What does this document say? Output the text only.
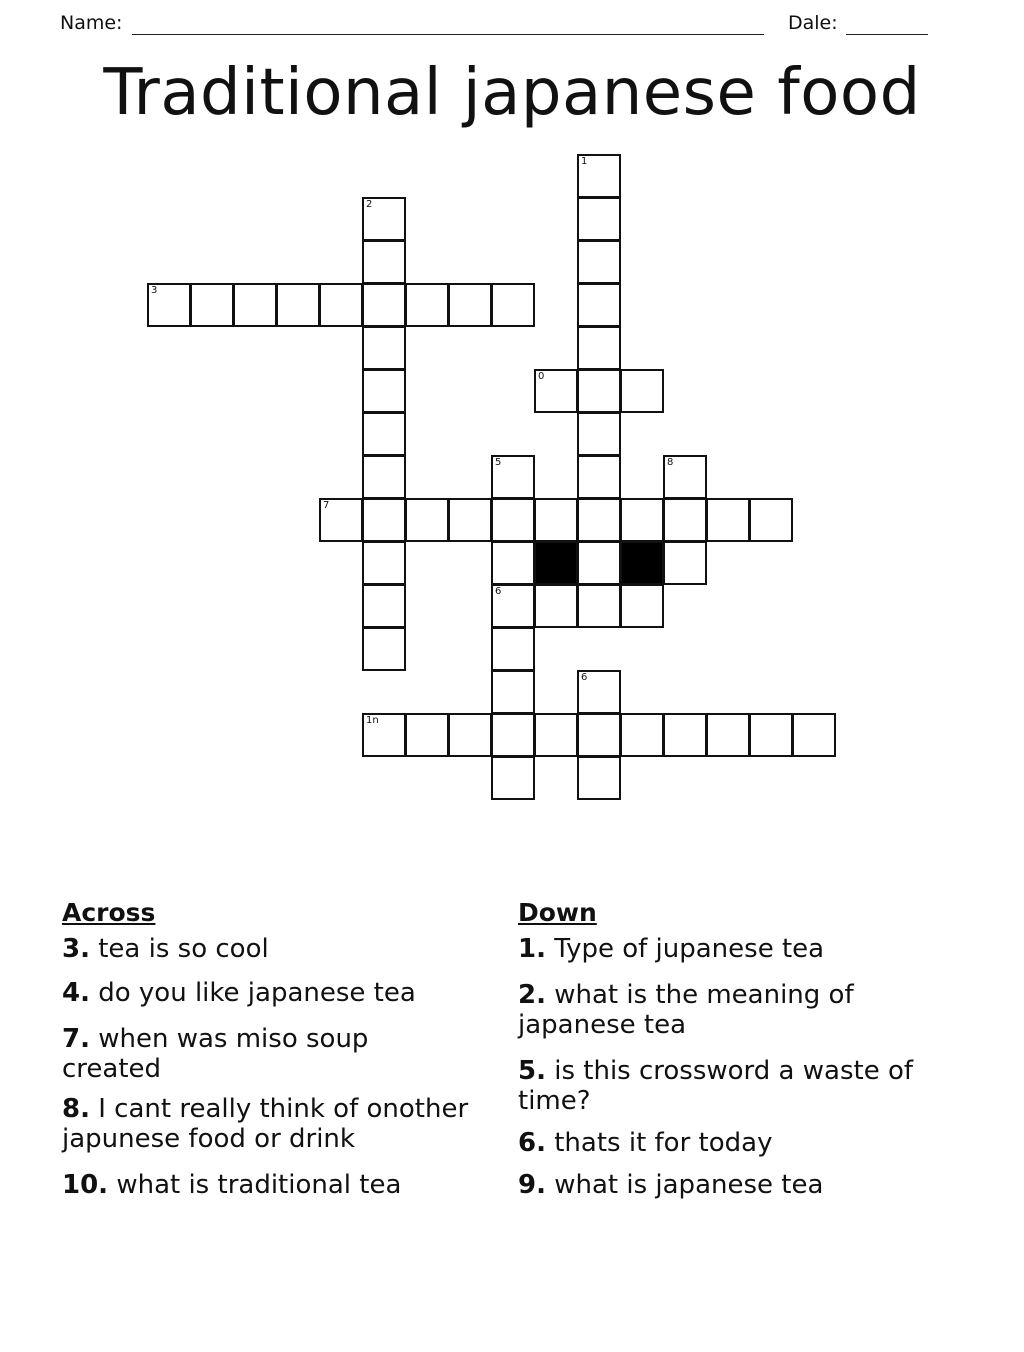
Name:	Dale:
Traditional japanese food
1
2
3
0
5	8
7
6
6
1n
Across	Down
3. tea is so cool
4. do you like japanese tea
7. when was miso soup created
8. I cant really think of onother japunese food or drink
10. what is traditional tea
1. Type of jupanese tea
2. what is the meaning of japanese tea
5. is this crossword a waste of time?
6. thats it for today
9. what is japanese tea
